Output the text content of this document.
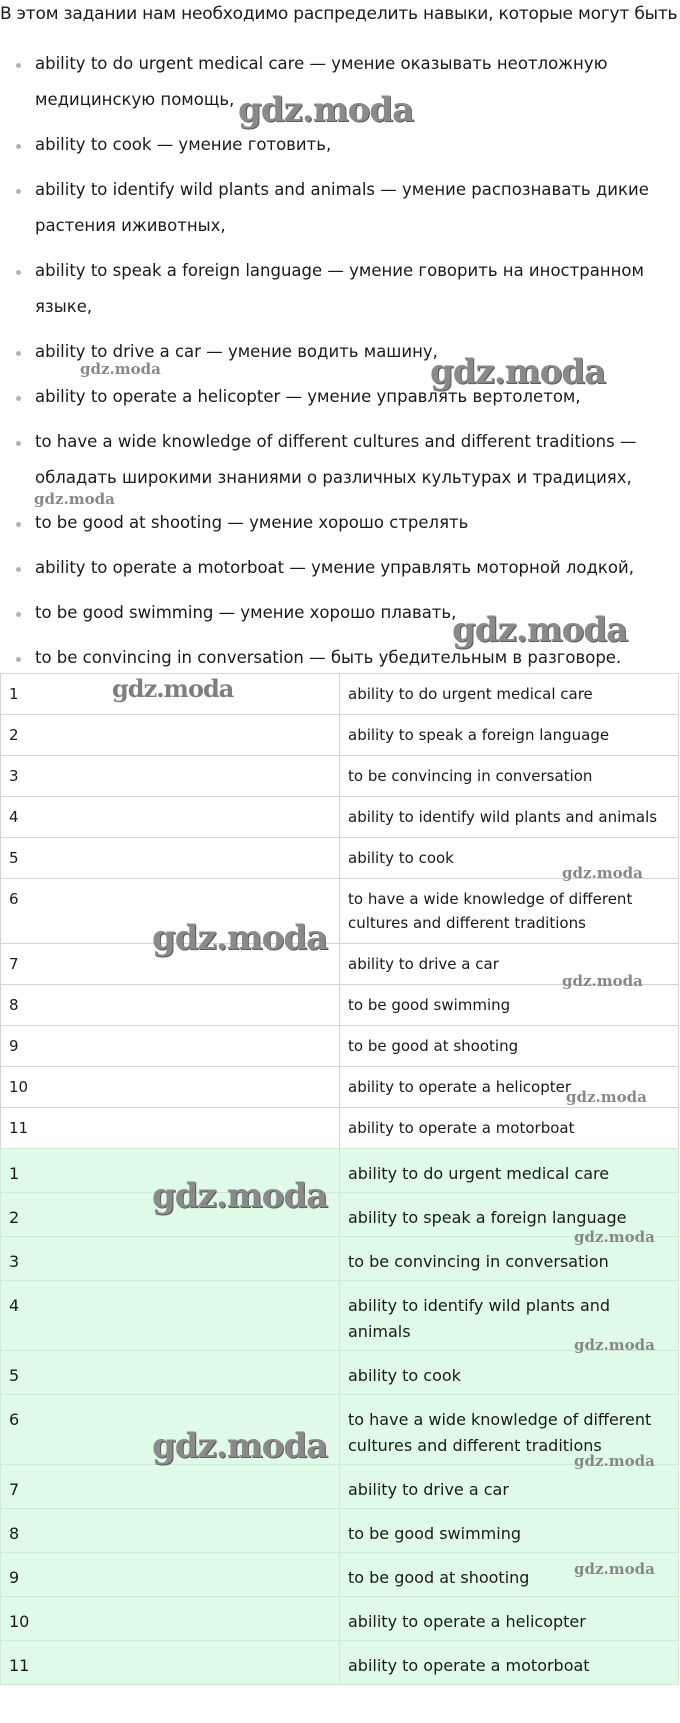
В этом задании нам необходимо распределить навыки, которые могут быть
ability to do urgent medical care — умение оказывать неотложную медицинскую помощь,
ability to cook — умение готовить,
ability to identify wild plants and animals — умение распознавать дикие растения иживотных,
ability to speak a foreign language — умение говорить на иностранном языке,
ability to drive a car — умение водить машину,
ability to operate a helicopter — умение управлять вертолетом,
to have a wide knowledge of different cultures and different traditions — обладать широкими знаниями о различных культурах и традициях,
to be good at shooting — умение хорошо стрелять
ability to operate a motorboat — умение управлять моторной лодкой,
to be good swimming — умение хорошо плавать,
to be convincing in conversation — быть убедительным в разговоре.
1	ability to do urgent medical care
2	ability to speak a foreign language
3	to be convincing in conversation
4	ability to identify wild plants and animals
5	ability to cook
6	to have a wide knowledge of different cultures and different traditions
7	ability to drive a car
8	to be good swimming
9	to be good at shooting
10	ability to operate a helicopter
11	ability to operate a motorboat
1	ability to do urgent medical care
2	ability to speak a foreign language
3	to be convincing in conversation
4	ability to identify wild plants and animals
5	ability to cook
6	to have a wide knowledge of different cultures and different traditions
7	ability to drive a car
8	to be good swimming
9	to be good at shooting
10	ability to operate a helicopter
11	ability to operate a motorboat
gdz.moda
gdz.moda	gdz.moda
gdz.moda
gdz.moda
gdz.moda
gdz.moda
gdz.moda
gdz.moda
gdz.moda
gdz.moda
gdz.moda
gdz.moda
gdz.moda	gdz.moda
gdz.moda
